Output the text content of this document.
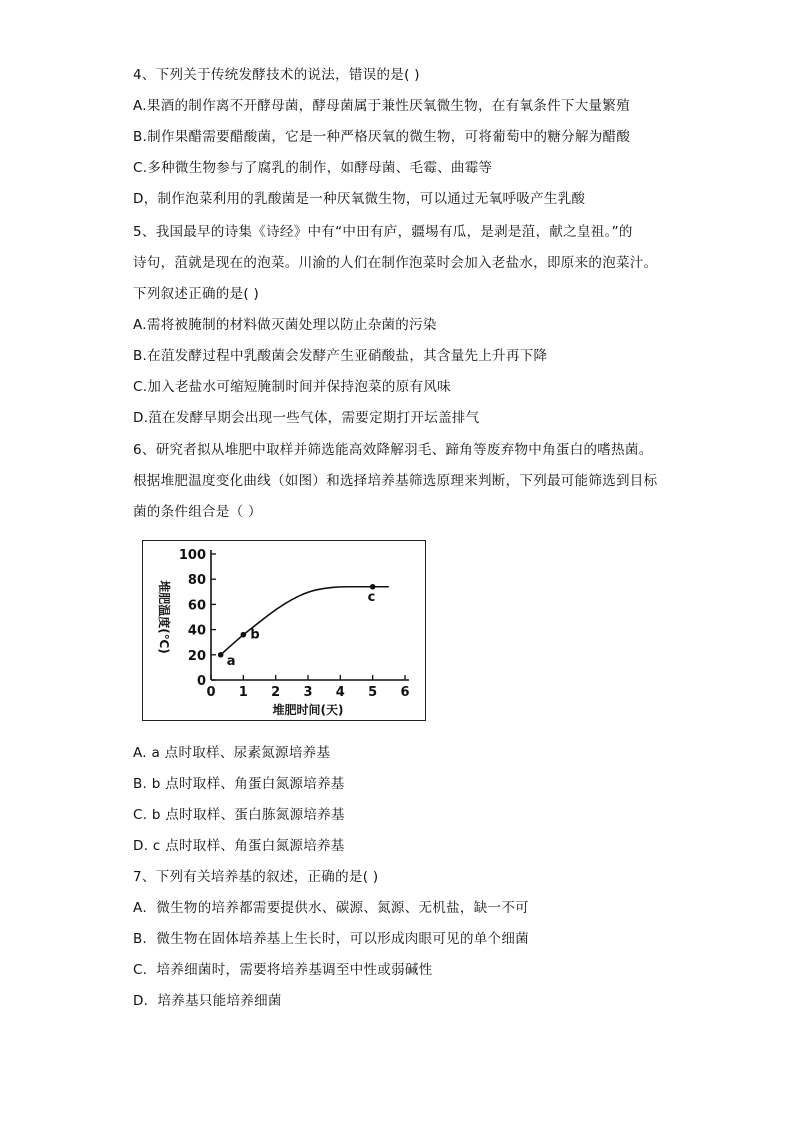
4、下列关于传统发酵技术的说法，错误的是( )
A.果酒的制作离不开酵母菌，酵母菌属于兼性厌氧微生物，在有氧条件下大量繁殖
B.制作果醋需要醋酸菌，它是一种严格厌氧的微生物，可将葡萄中的糖分解为醋酸
C.多种微生物参与了腐乳的制作，如酵母菌、毛霉、曲霉等
D，制作泡菜利用的乳酸菌是一种厌氧微生物，可以通过无氧呼吸产生乳酸
5、我国最早的诗集《诗经》中有“中田有庐，疆埸有瓜，是剥是菹，献之皇祖。”的
诗句，菹就是现在的泡菜。川渝的人们在制作泡菜时会加入老盐水，即原来的泡菜汁。
下列叙述正确的是( )
A.需将被腌制的材料做灭菌处理以防止杂菌的污染
B.在菹发酵过程中乳酸菌会发酵产生亚硝酸盐，其含量先上升再下降
C.加入老盐水可缩短腌制时间并保持泡菜的原有风味
D.菹在发酵早期会出现一些气体，需要定期打开坛盖排气
6、研究者拟从堆肥中取样并筛选能高效降解羽毛、蹄角等废弃物中角蛋白的嗜热菌。
根据堆肥温度变化曲线（如图）和选择培养基筛选原理来判断，下列最可能筛选到目标
菌的条件组合是（ ）
0
20
40
60
80
100
0 1 2 3 4 5 6
a
b
c
堆肥温度(℃)
堆肥时间(天)
A. a 点时取样、尿素氮源培养基
B. b 点时取样、角蛋白氮源培养基
C. b 点时取样、蛋白胨氮源培养基
D. c 点时取样、角蛋白氮源培养基
7、下列有关培养基的叙述，正确的是( )
A．微生物的培养都需要提供水、碳源、氮源、无机盐，缺一不可
B．微生物在固体培养基上生长时，可以形成肉眼可见的单个细菌
C．培养细菌时，需要将培养基调至中性或弱碱性
D．培养基只能培养细菌
